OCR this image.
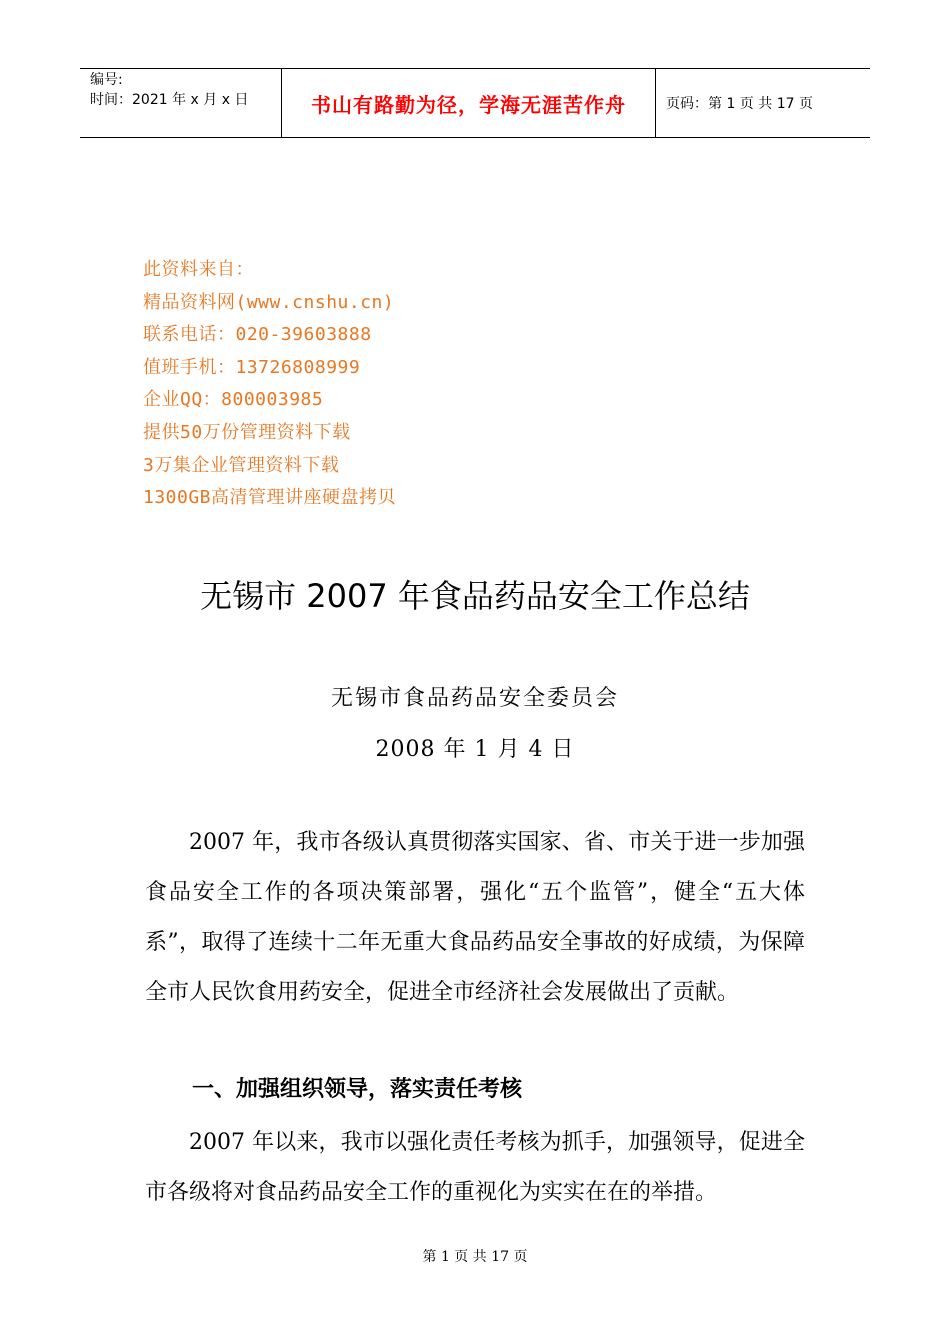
编号:
时间：2021 年 x 月 x 日	书山有路勤为径，学海无涯苦作舟	页码：第 1 页 共 17 页
此资料来自：
精品资料网(www.cnshu.cn)
联系电话：020-39603888
值班手机：13726808999
企业QQ：800003985
提供50万份管理资料下载
3万集企业管理资料下载
1300GB高清管理讲座硬盘拷贝
无锡市 2007 年食品药品安全工作总结
无锡市食品药品安全委员会
2008 年 1 月 4 日

2007 年，我市各级认真贯彻落实国家、省、市关于进一步加强食品安全工作的各项决策部署，强化“五个监管”，健全“五大体系”，取得了连续十二年无重大食品药品安全事故的好成绩，为保障全市人民饮食用药安全，促进全市经济社会发展做出了贡献。

一、加强组织领导，落实责任考核

2007 年以来，我市以强化责任考核为抓手，加强领导，促进全市各级将对食品药品安全工作的重视化为实实在在的举措。

第 1 页 共 17 页
